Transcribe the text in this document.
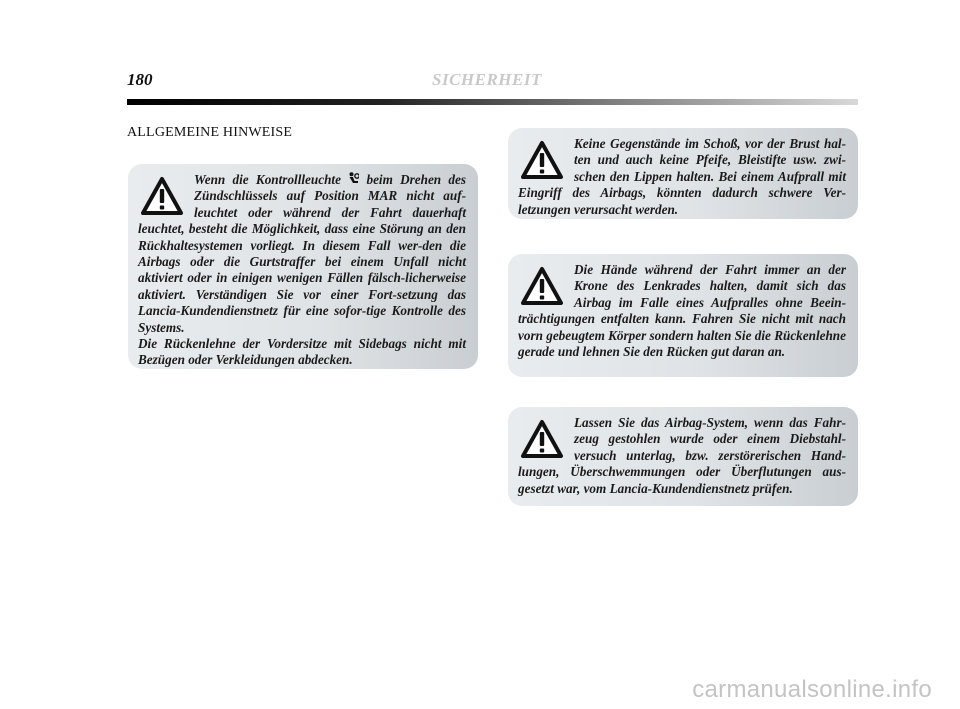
180	SICHERHEIT
ALLGEMEINE HINWEISE

Wenn die Kontrollleuchte  beim Drehen des Zündschlüssels auf Position MAR nicht auf-leuchtet oder während der Fahrt dauerhaft leuchtet, besteht die Möglichkeit, dass eine Störung an den Rückhaltesystemen vorliegt. In diesem Fall wer-den die Airbags oder die Gurtstraffer bei einem Unfall nicht aktiviert oder in einigen wenigen Fällen fälsch-licherweise aktiviert. Verständigen Sie vor einer Fort-setzung das Lancia-Kundendienstnetz für eine sofor-tige Kontrolle des Systems.

Die Rückenlehne der Vordersitze mit Sidebags nicht mit Bezügen oder Verkleidungen abdecken.

Keine Gegenstände im Schoß, vor der Brust hal-ten und auch keine Pfeife, Bleistifte usw. zwi-schen den Lippen halten. Bei einem Aufprall mit Eingriff des Airbags, könnten dadurch schwere Ver-letzungen verursacht werden.

Die Hände während der Fahrt immer an der Krone des Lenkrades halten, damit sich das Airbag im Falle eines Aufpralles ohne Beein-trächtigungen entfalten kann. Fahren Sie nicht mit nach vorn gebeugtem Körper sondern halten Sie die Rückenlehne gerade und lehnen Sie den Rücken gut daran an.

Lassen Sie das Airbag-System, wenn das Fahr-zeug gestohlen wurde oder einem Diebstahl-versuch unterlag, bzw. zerstörerischen Hand-lungen, Überschwemmungen oder Überflutungen aus-gesetzt war, vom Lancia-Kundendienstnetz prüfen.

carmanualsonline.info
